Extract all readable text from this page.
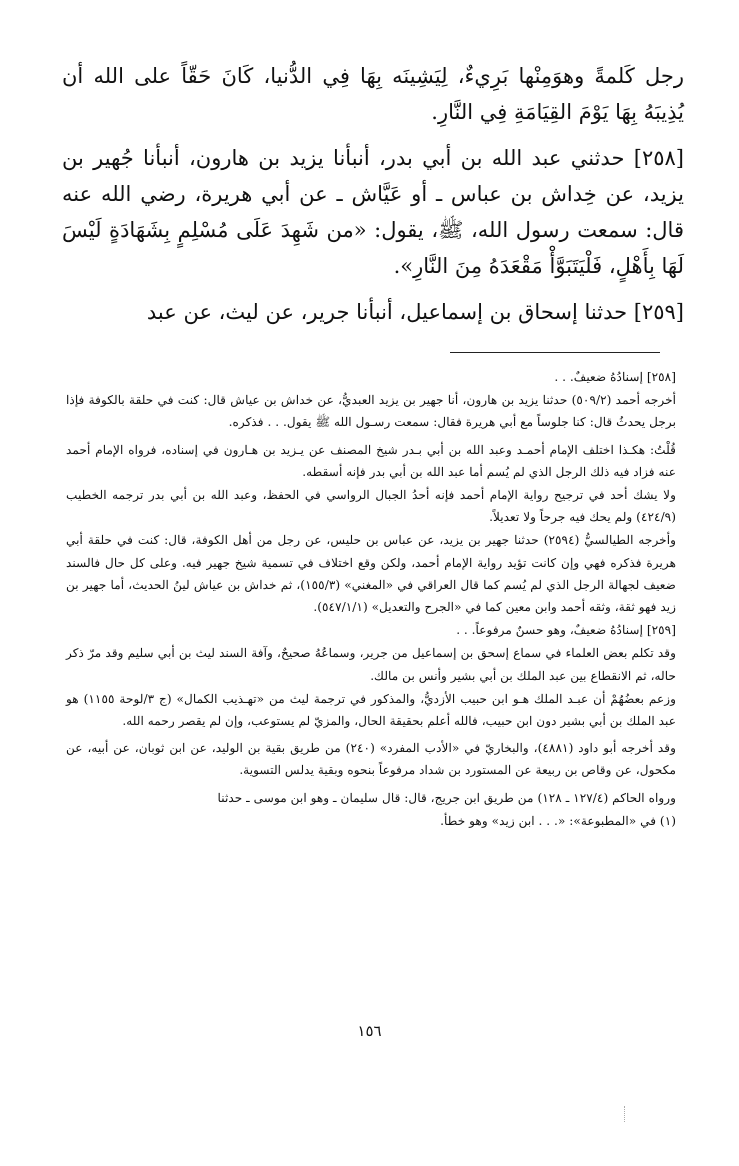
رجل كَلمةً وهوَمِنْها بَرِيءٌ، لِيَشِينَه بِهَا فِي الدُّنيا، كَانَ حَقّاً على الله أن يُذِيبَهُ بِهَا يَوْمَ القِيَامَةِ فِي النَّارِ.

[٢٥٨] حدثني عبد الله بن أبي بدر، أنبأنا يزيد بن هارون، أنبأنا جُهير بن يزيد، عن خِداش بن عباس ـ أو عَيَّاش ـ عن أبي هريرة، رضي الله عنه قال: سمعت رسول الله، ﷺ، يقول: «من شَهِدَ عَلَى مُسْلِمٍ بِشَهَادَةٍ لَيْسَ لَهَا بِأَهْلٍ، فَلْيَتَبَوَّأْ مَقْعَدَهُ مِنَ النَّارِ».

[٢٥٩] حدثنا إسحاق بن إسماعيل، أنبأنا جرير، عن ليث، عن عبد

[٢٥٨] إسنادُهُ ضعيفٌ. . .

أخرجه أحمد (٥٠٩/٢) حدثنا يزيد بن هارون، أنا جهير بن يزيد العبديُّ، عن خداش بن عياش قال: كنت في حلقة بالكوفة فإذا برجل يحدثُ قال: كنا جلوساً مع أبي هريرة فقال: سمعت رسـول الله ﷺ يقول. . . فذكره.

قُلْتُ: هكـذا اختلف الإمام أحمـد وعبد الله بن أبي بـدر شيخ المصنف عن يـزيد بن هـارون في إسناده، فرواه الإمام أحمد عنه فزاد فيه ذلك الرجل الذي لم يُسم أما عبد الله بن أبي بدر فإنه أسقطه.

ولا يشك أحد في ترجيح رواية الإمام أحمد فإنه أحدُ الجبال الرواسي في الحفظ، وعبد الله بن أبي بدر ترجمه الخطيب (٤٢٤/٩) ولم يحك فيه جرحاً ولا تعديلاً.

وأخرجه الطيالسيُّ (٢٥٩٤) حدثنا جهير بن يزيد، عن عباس بن حليس، عن رجل من أهل الكوفة، قال: كنت في حلقة أبي هريرة فذكره فهي وإن كانت تؤيد رواية الإمام أحمد، ولكن وقع اختلاف في تسمية شيخ جهير فيه. وعلى كل حال فالسند ضعيف لجهالة الرجل الذي لم يُسم كما قال العراقي في «المغني» (١٥٥/٣)، ثم خداش بن عياش لينُ الحديث، أما جهير بن زيد فهو ثقة، وثقه أحمد وابن معين كما في «الجرح والتعديل» (٥٤٧/١/١).

[٢٥٩] إسنادُهُ ضعيفٌ، وهو حسنٌ مرفوعاً. . .

وقد تكلم بعض العلماء في سماع إسحق بن إسماعيل من جرير، وسماعُهُ صحيحٌ، وآفة السند ليث بن أبي سليم وقد مرّ ذكر حاله، ثم الانقطاع بين عبد الملك بن أبي بشير وأنس بن مالك.

وزعم بعضُهُمْ أن عبـد الملك هـو ابن حبيب الأزديُّ، والمذكور في ترجمة ليث من «تهـذيب الكمال» (ج ٣/لوحة ١١٥٥) هو عبد الملك بن أبي بشير دون ابن حبيب، فالله أعلم بحقيقة الحال، والمزيّ لم يستوعب، وإن لم يقصر رحمه الله.

وقد أخرجه أبو داود (٤٨٨١)، والبخاريّ في «الأدب المفرد» (٢٤٠) من طريق بقية بن الوليد، عن ابن ثوبان، عن أبيه، عن مكحول، عن وقاص بن ربيعة عن المستورد بن شداد مرفوعاً بنحوه وبقية يدلس التسوية.

ورواه الحاكم (١٢٧/٤ ـ ١٢٨) من طريق ابن جريج، قال: قال سليمان ـ وهو ابن موسى ـ حدثنا

(١) في «المطبوعة»: «. . . ابن زيد» وهو خطأ.

١٥٦
